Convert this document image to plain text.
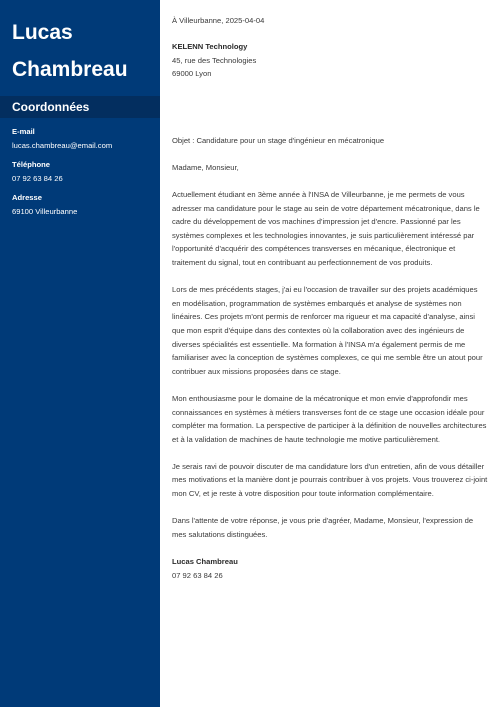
Lucas
Chambreau
Coordonnées
E-mail
lucas.chambreau@email.com
Téléphone
07 92 63 84 26
Adresse
69100 Villeurbanne
À Villeurbanne, 2025-04-04
KELENN Technology
45, rue des Technologies
69000 Lyon
Objet : Candidature pour un stage d'ingénieur en mécatronique
Madame, Monsieur,

Actuellement étudiant en 3ème année à l'INSA de Villeurbanne, je me permets de vous adresser ma candidature pour le stage au sein de votre département mécatronique, dans le cadre du développement de vos machines d'impression jet d'encre. Passionné par les systèmes complexes et les technologies innovantes, je suis particulièrement intéressé par l'opportunité d'acquérir des compétences transverses en mécanique, électronique et traitement du signal, tout en contribuant au perfectionnement de vos produits.

Lors de mes précédents stages, j'ai eu l'occasion de travailler sur des projets académiques en modélisation, programmation de systèmes embarqués et analyse de systèmes non linéaires. Ces projets m'ont permis de renforcer ma rigueur et ma capacité d'analyse, ainsi que mon esprit d'équipe dans des contextes où la collaboration avec des ingénieurs de diverses spécialités est essentielle. Ma formation à l'INSA m'a également permis de me familiariser avec la conception de systèmes complexes, ce qui me semble être un atout pour contribuer aux missions proposées dans ce stage.

Mon enthousiasme pour le domaine de la mécatronique et mon envie d'approfondir mes connaissances en systèmes à métiers transverses font de ce stage une occasion idéale pour compléter ma formation. La perspective de participer à la définition de nouvelles architectures et à la validation de machines de haute technologie me motive particulièrement.

Je serais ravi de pouvoir discuter de ma candidature lors d'un entretien, afin de vous détailler mes motivations et la manière dont je pourrais contribuer à vos projets. Vous trouverez ci-joint mon CV, et je reste à votre disposition pour toute information complémentaire.

Dans l'attente de votre réponse, je vous prie d'agréer, Madame, Monsieur, l'expression de mes salutations distinguées.

Lucas Chambreau
07 92 63 84 26
